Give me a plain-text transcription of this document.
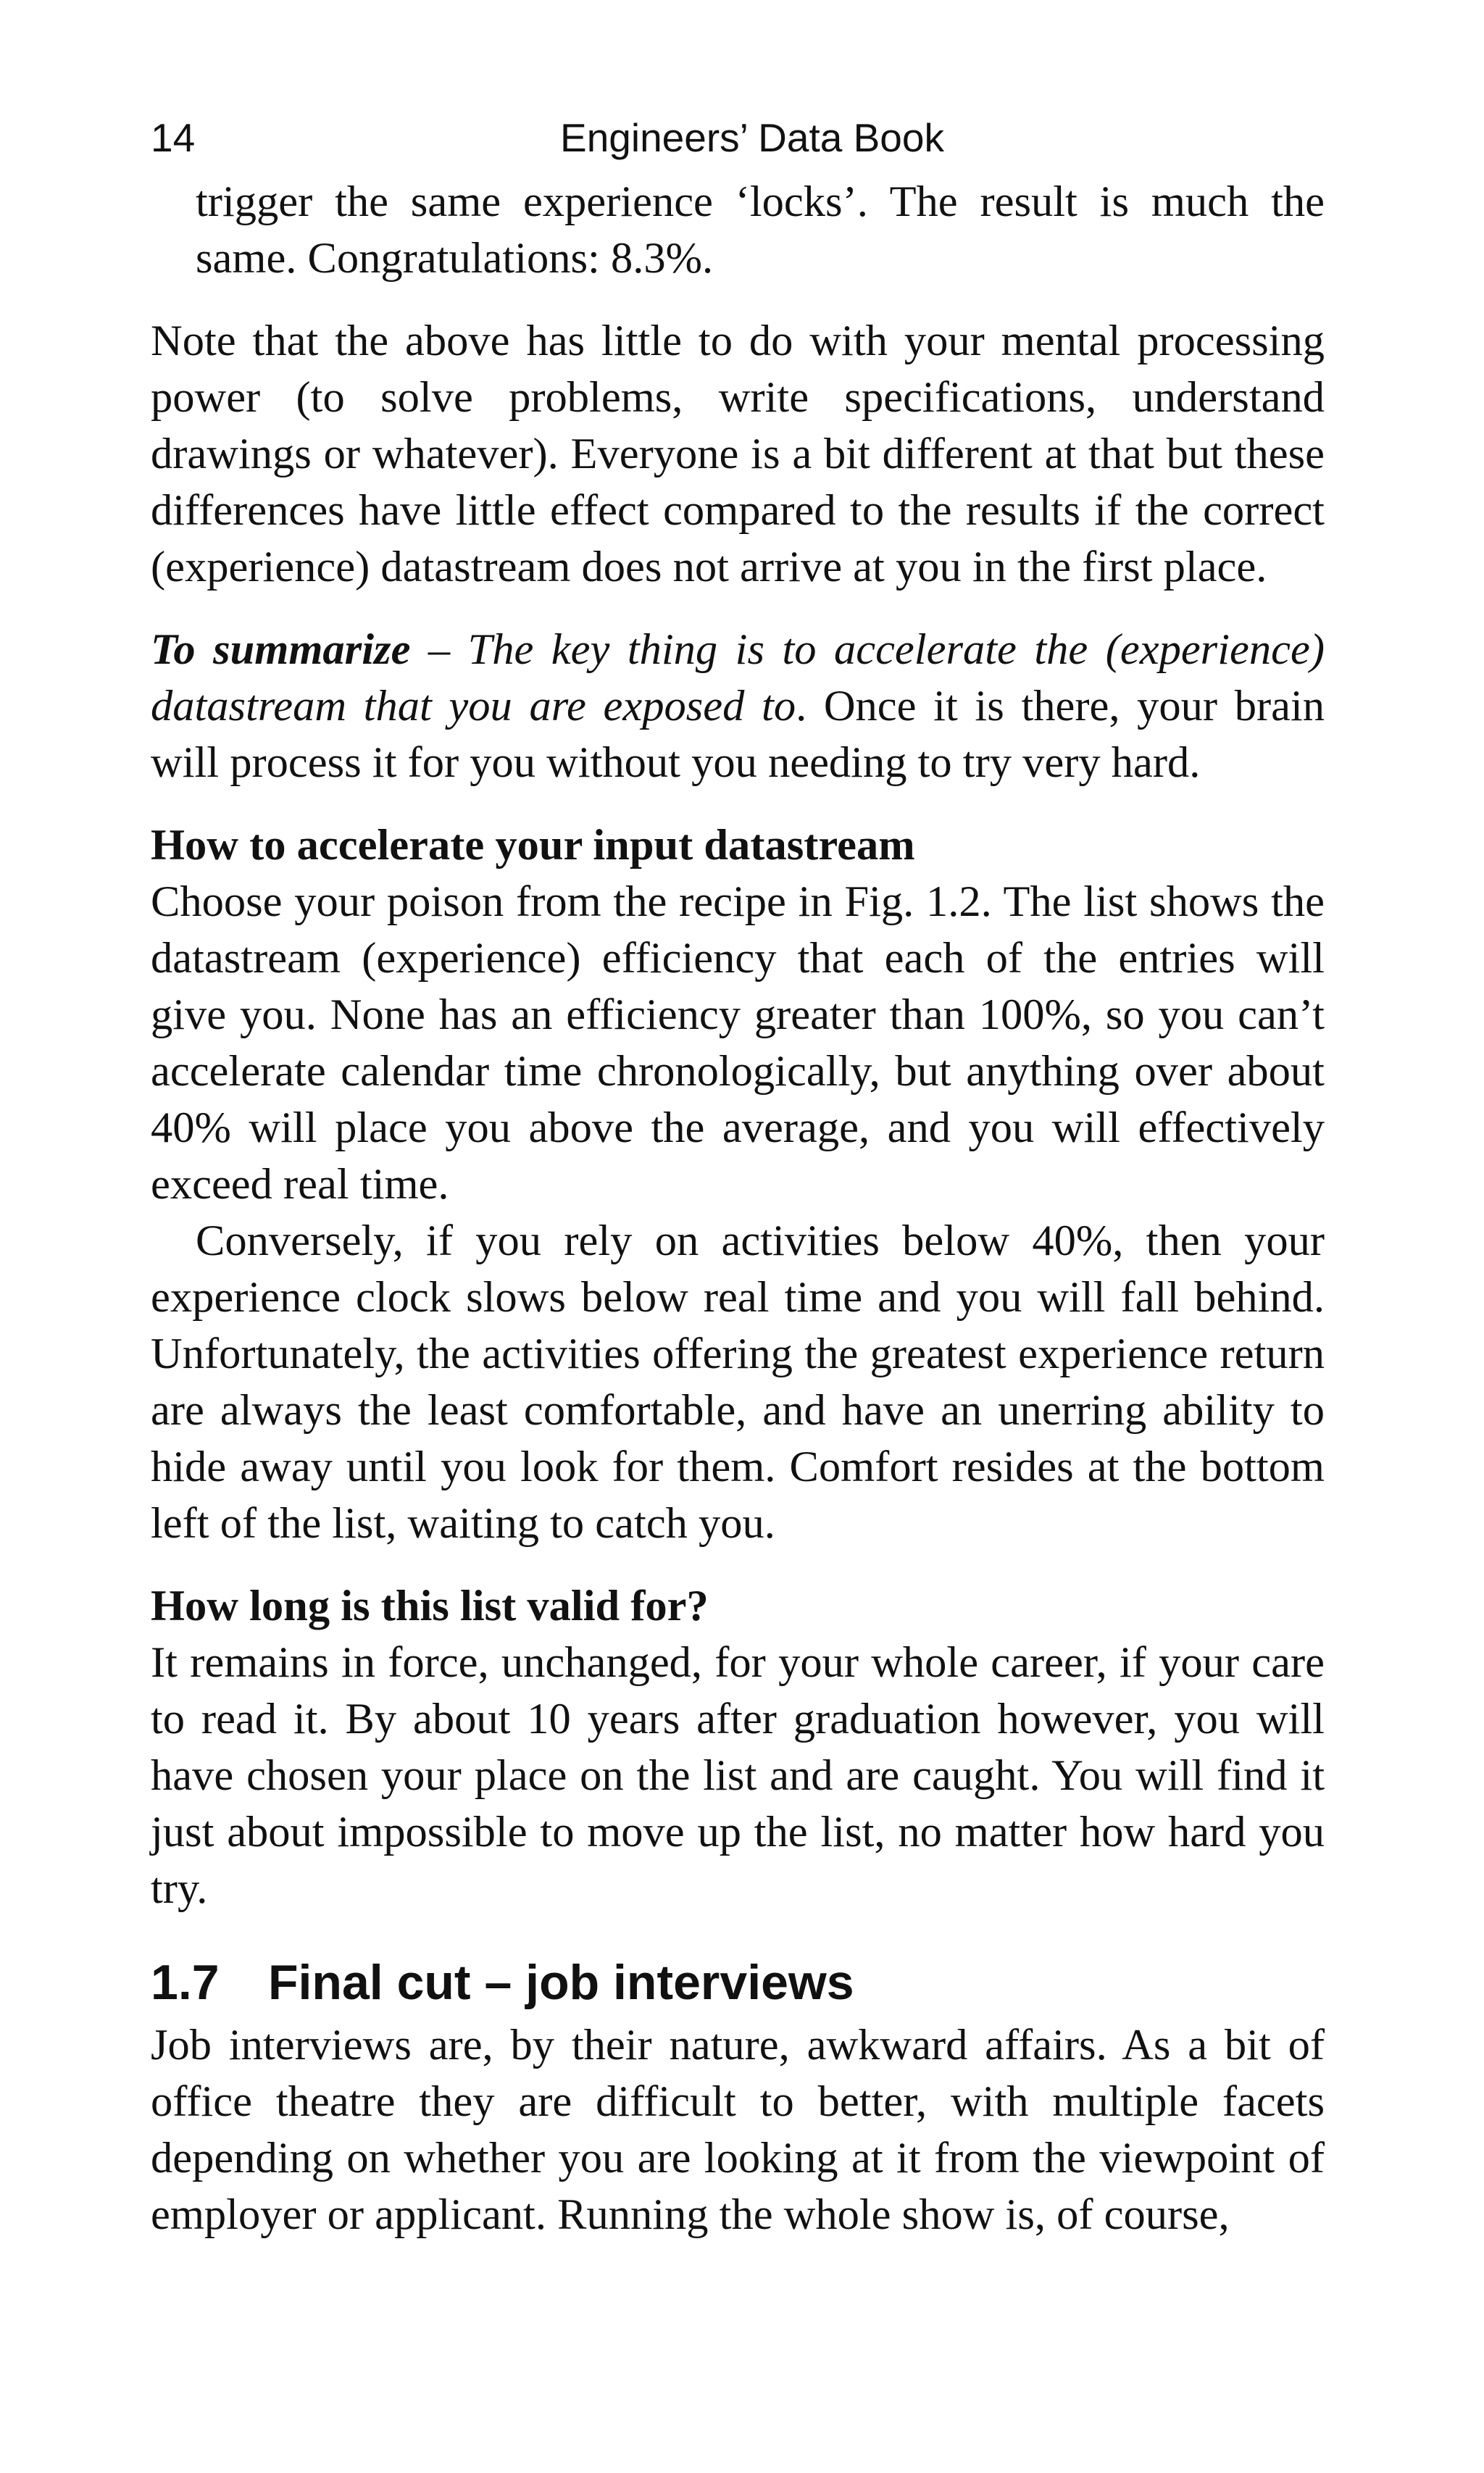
14	Engineers’ Data Book

trigger the same experience ‘locks’. The result is much the same. Congratulations: 8.3%.

Note that the above has little to do with your mental processing power (to solve problems, write specifications, understand drawings or whatever). Everyone is a bit different at that but these differences have little effect compared to the results if the correct (experience) datastream does not arrive at you in the first place.

To summarize – The key thing is to accelerate the (experience) datastream that you are exposed to. Once it is there, your brain will process it for you without you needing to try very hard.

How to accelerate your input datastream

Choose your poison from the recipe in Fig. 1.2. The list shows the datastream (experience) efficiency that each of the entries will give you. None has an efficiency greater than 100%, so you can’t accelerate calendar time chronologically, but anything over about 40% will place you above the average, and you will effectively exceed real time.

Conversely, if you rely on activities below 40%, then your experience clock slows below real time and you will fall behind. Unfortunately, the activities offering the greatest experience return are always the least comfortable, and have an unerring ability to hide away until you look for them. Comfort resides at the bottom left of the list, waiting to catch you.

How long is this list valid for?

It remains in force, unchanged, for your whole career, if your care to read it. By about 10 years after graduation however, you will have chosen your place on the list and are caught. You will find it just about impossible to move up the list, no matter how hard you try.

1.7 Final cut – job interviews

Job interviews are, by their nature, awkward affairs. As a bit of office theatre they are difficult to better, with multiple facets depending on whether you are looking at it from the viewpoint of employer or applicant. Running the whole show is, of course,
